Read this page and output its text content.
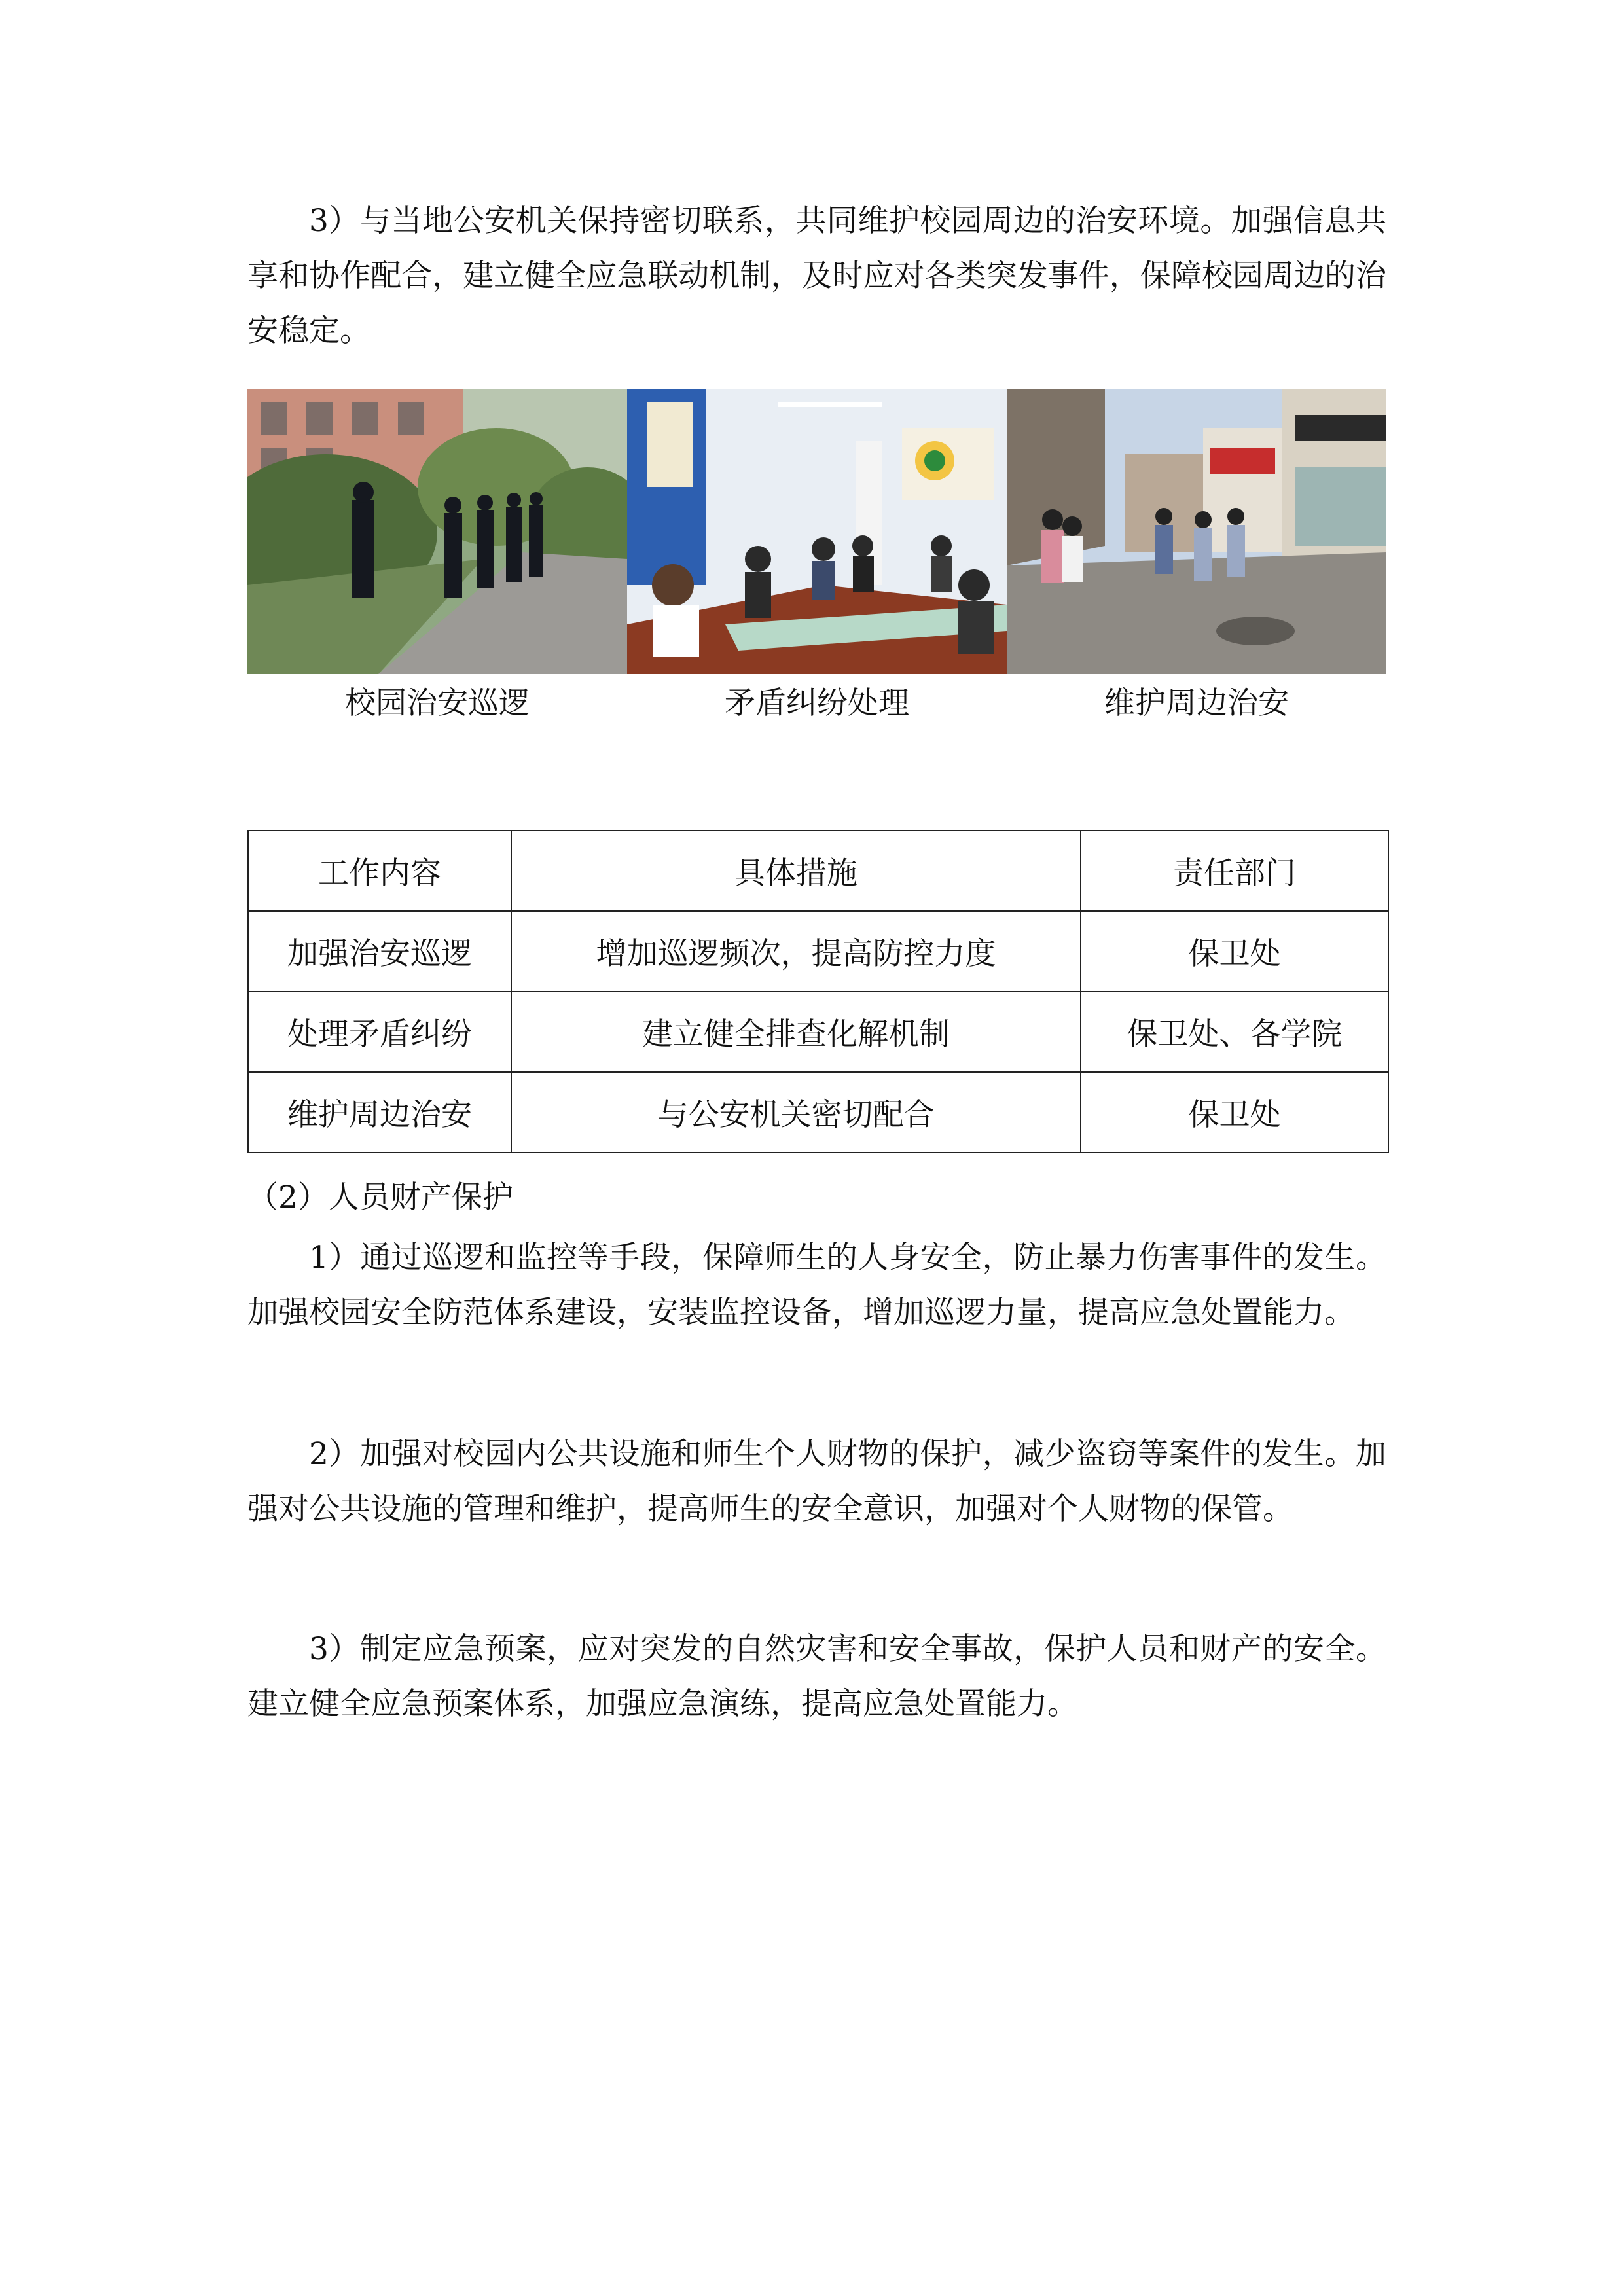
3）与当地公安机关保持密切联系，共同维护校园周边的治安环境。加强信息共享和协作配合，建立健全应急联动机制，及时应对各类突发事件，保障校园周边的治安稳定。

校园治安巡逻	矛盾纠纷处理	维护周边治安
工作内容	具体措施	责任部门
加强治安巡逻	增加巡逻频次，提高防控力度	保卫处
处理矛盾纠纷	建立健全排查化解机制	保卫处、各学院
维护周边治安	与公安机关密切配合	保卫处

（2）人员财产保护

1）通过巡逻和监控等手段，保障师生的人身安全，防止暴力伤害事件的发生。加强校园安全防范体系建设，安装监控设备，增加巡逻力量，提高应急处置能力。

2）加强对校园内公共设施和师生个人财物的保护，减少盗窃等案件的发生。加强对公共设施的管理和维护，提高师生的安全意识，加强对个人财物的保管。

3）制定应急预案，应对突发的自然灾害和安全事故，保护人员和财产的安全。建立健全应急预案体系，加强应急演练，提高应急处置能力。
